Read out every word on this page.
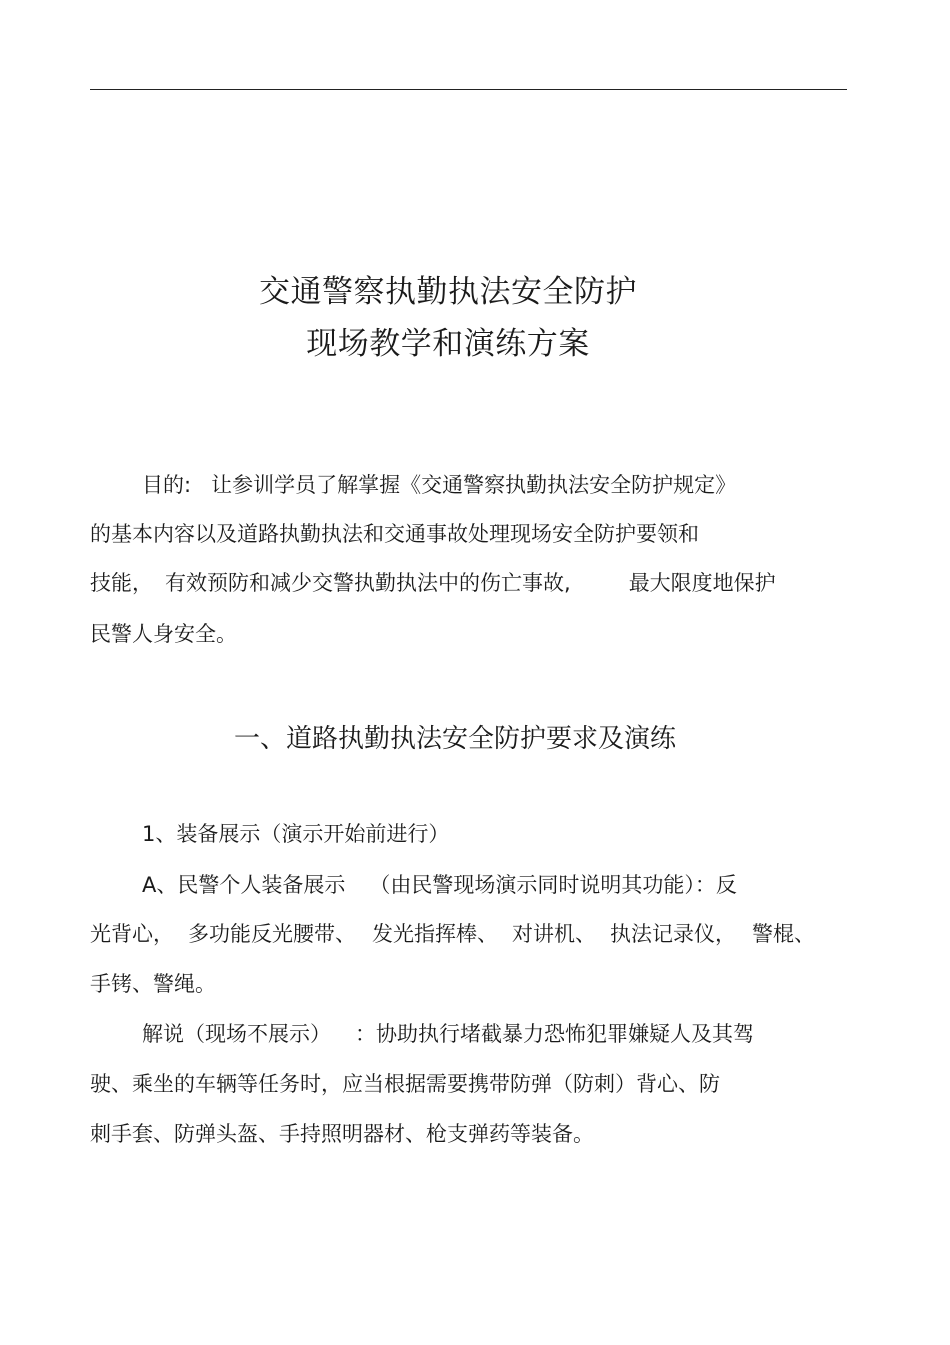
交通警察执勤执法安全防护
现场教学和演练方案
目的: 让参训学员了解掌握《交通警察执勤执法安全防护规定》
的基本内容以及道路执勤执法和交通事故处理现场安全防护要领和
技能， 有效预防和减少交警执勤执法中的伤亡事故,	最大限度地保护
民警人身安全。
一、道路执勤执法安全防护要求及演练
1、装备展示（演示开始前进行）
A、民警个人装备展示 （由民警现场演示同时说明其功能）：反
光背心， 多功能反光腰带、 发光指挥棒、 对讲机、 执法记录仪， 警棍、
手铐、警绳。
解说（现场不展示） ：协助执行堵截暴力恐怖犯罪嫌疑人及其驾
驶、乘坐的车辆等任务时，应当根据需要携带防弹（防刺）背心、防
刺手套、防弹头盔、手持照明器材、枪支弹药等装备。
